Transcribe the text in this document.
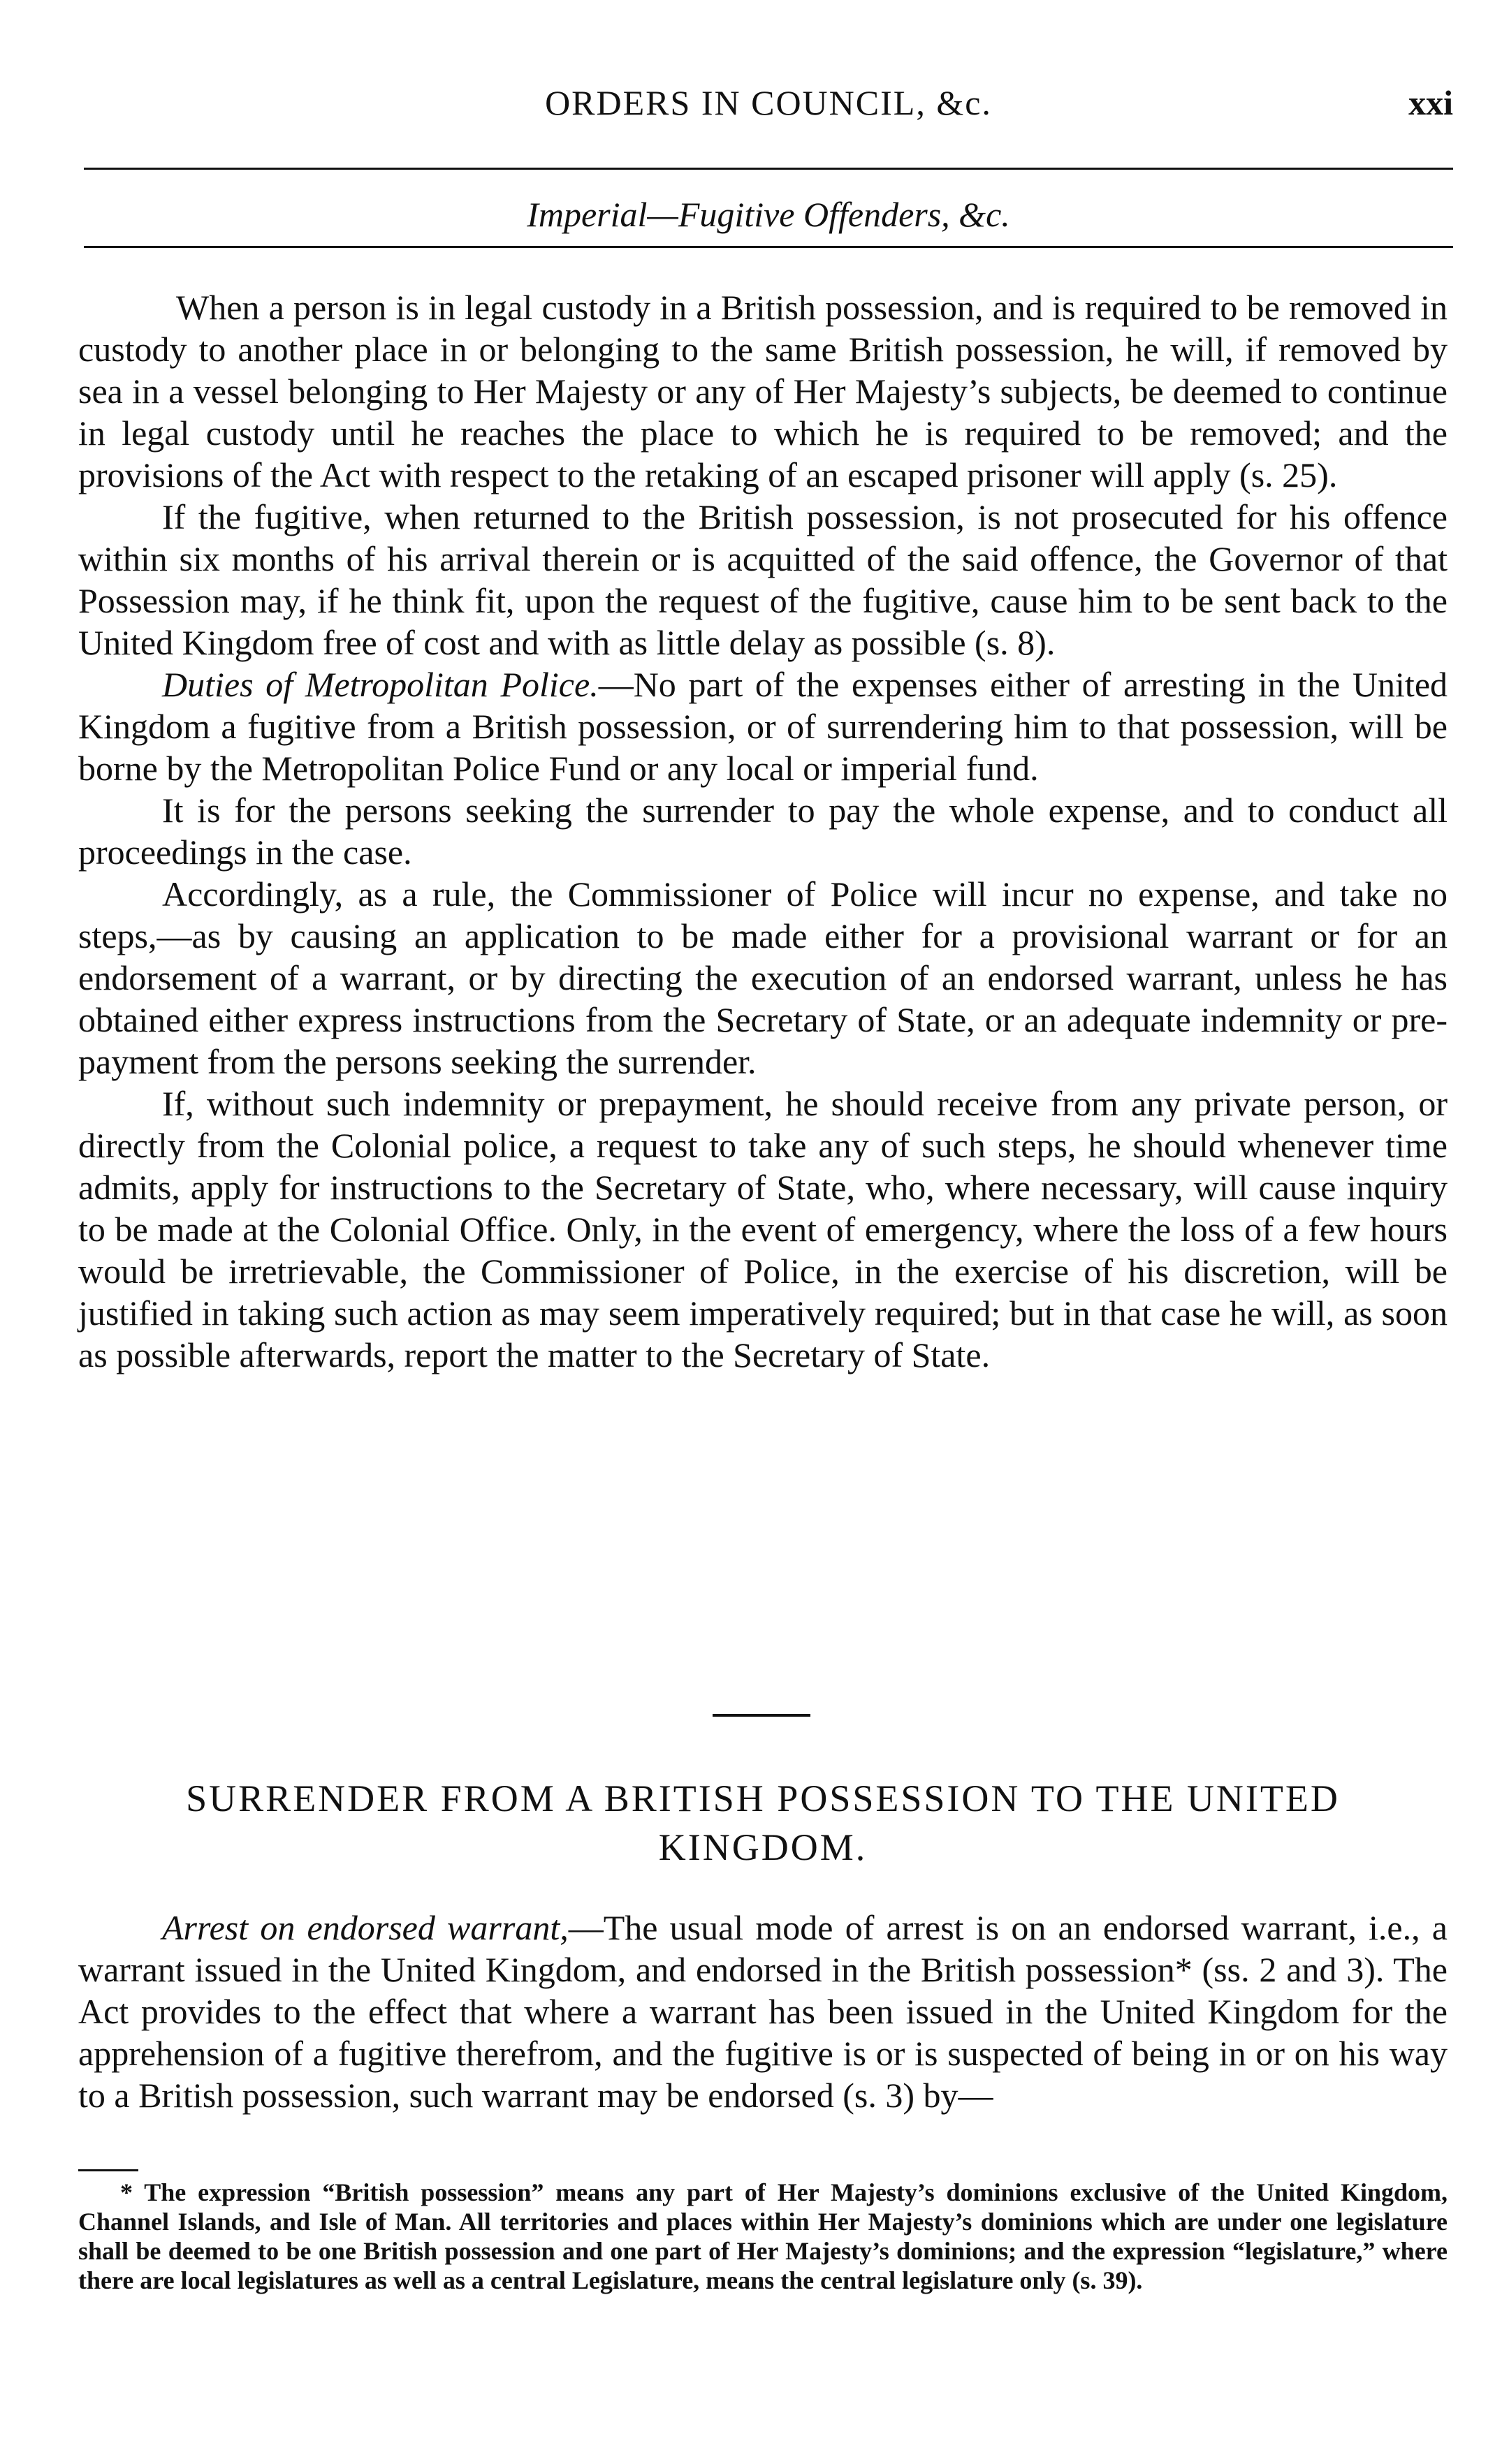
ORDERS IN COUNCIL, &c.	xxi
Imperial—Fugitive Offenders, &c.

When a person is in legal custody in a British possession, and is required to be removed in custody to another place in or belonging to the same British possession, he will, if removed by sea in a vessel belonging to Her Majesty or any of Her Majesty’s subjects, be deemed to continue in legal custody until he reaches the place to which he is required to be removed; and the provisions of the Act with respect to the retaking of an escaped prisoner will apply (s. 25).

If the fugitive, when returned to the British possession, is not prosecuted for his offence within six months of his arrival therein or is acquitted of the said offence, the Governor of that Possession may, if he think fit, upon the request of the fugitive, cause him to be sent back to the United Kingdom free of cost and with as little delay as possible (s. 8).

Duties of Metropolitan Police.—No part of the expenses either of arresting in the United Kingdom a fugitive from a British possession, or of surrendering him to that possession, will be borne by the Metropolitan Police Fund or any local or imperial fund.

It is for the persons seeking the surrender to pay the whole expense, and to conduct all proceedings in the case.

Accordingly, as a rule, the Commissioner of Police will incur no expense, and take no steps,—as by causing an application to be made either for a provisional warrant or for an endorsement of a warrant, or by directing the execution of an endorsed warrant, unless he has obtained either express instructions from the Secretary of State, or an adequate indemnity or pre-payment from the persons seeking the surrender.

If, without such indemnity or prepayment, he should receive from any private person, or directly from the Colonial police, a request to take any of such steps, he should whenever time admits, apply for instructions to the Secretary of State, who, where necessary, will cause inquiry to be made at the Colonial Office. Only, in the event of emergency, where the loss of a few hours would be irretrievable, the Commissioner of Police, in the exercise of his discretion, will be justified in taking such action as may seem imperatively required; but in that case he will, as soon as possible afterwards, report the matter to the Secretary of State.

SURRENDER FROM A BRITISH POSSESSION TO THE UNITED KINGDOM.

Arrest on endorsed warrant,—The usual mode of arrest is on an endorsed warrant, i.e., a warrant issued in the United Kingdom, and endorsed in the British possession* (ss. 2 and 3). The Act provides to the effect that where a warrant has been issued in the United Kingdom for the apprehension of a fugitive therefrom, and the fugitive is or is suspected of being in or on his way to a British possession, such warrant may be endorsed (s. 3) by—

* The expression “British possession” means any part of Her Majesty’s dominions exclusive of the United Kingdom, Channel Islands, and Isle of Man. All territories and places within Her Majesty’s dominions which are under one legislature shall be deemed to be one British possession and one part of Her Majesty’s dominions; and the expression “legislature,” where there are local legislatures as well as a central Legislature, means the central legislature only (s. 39).
